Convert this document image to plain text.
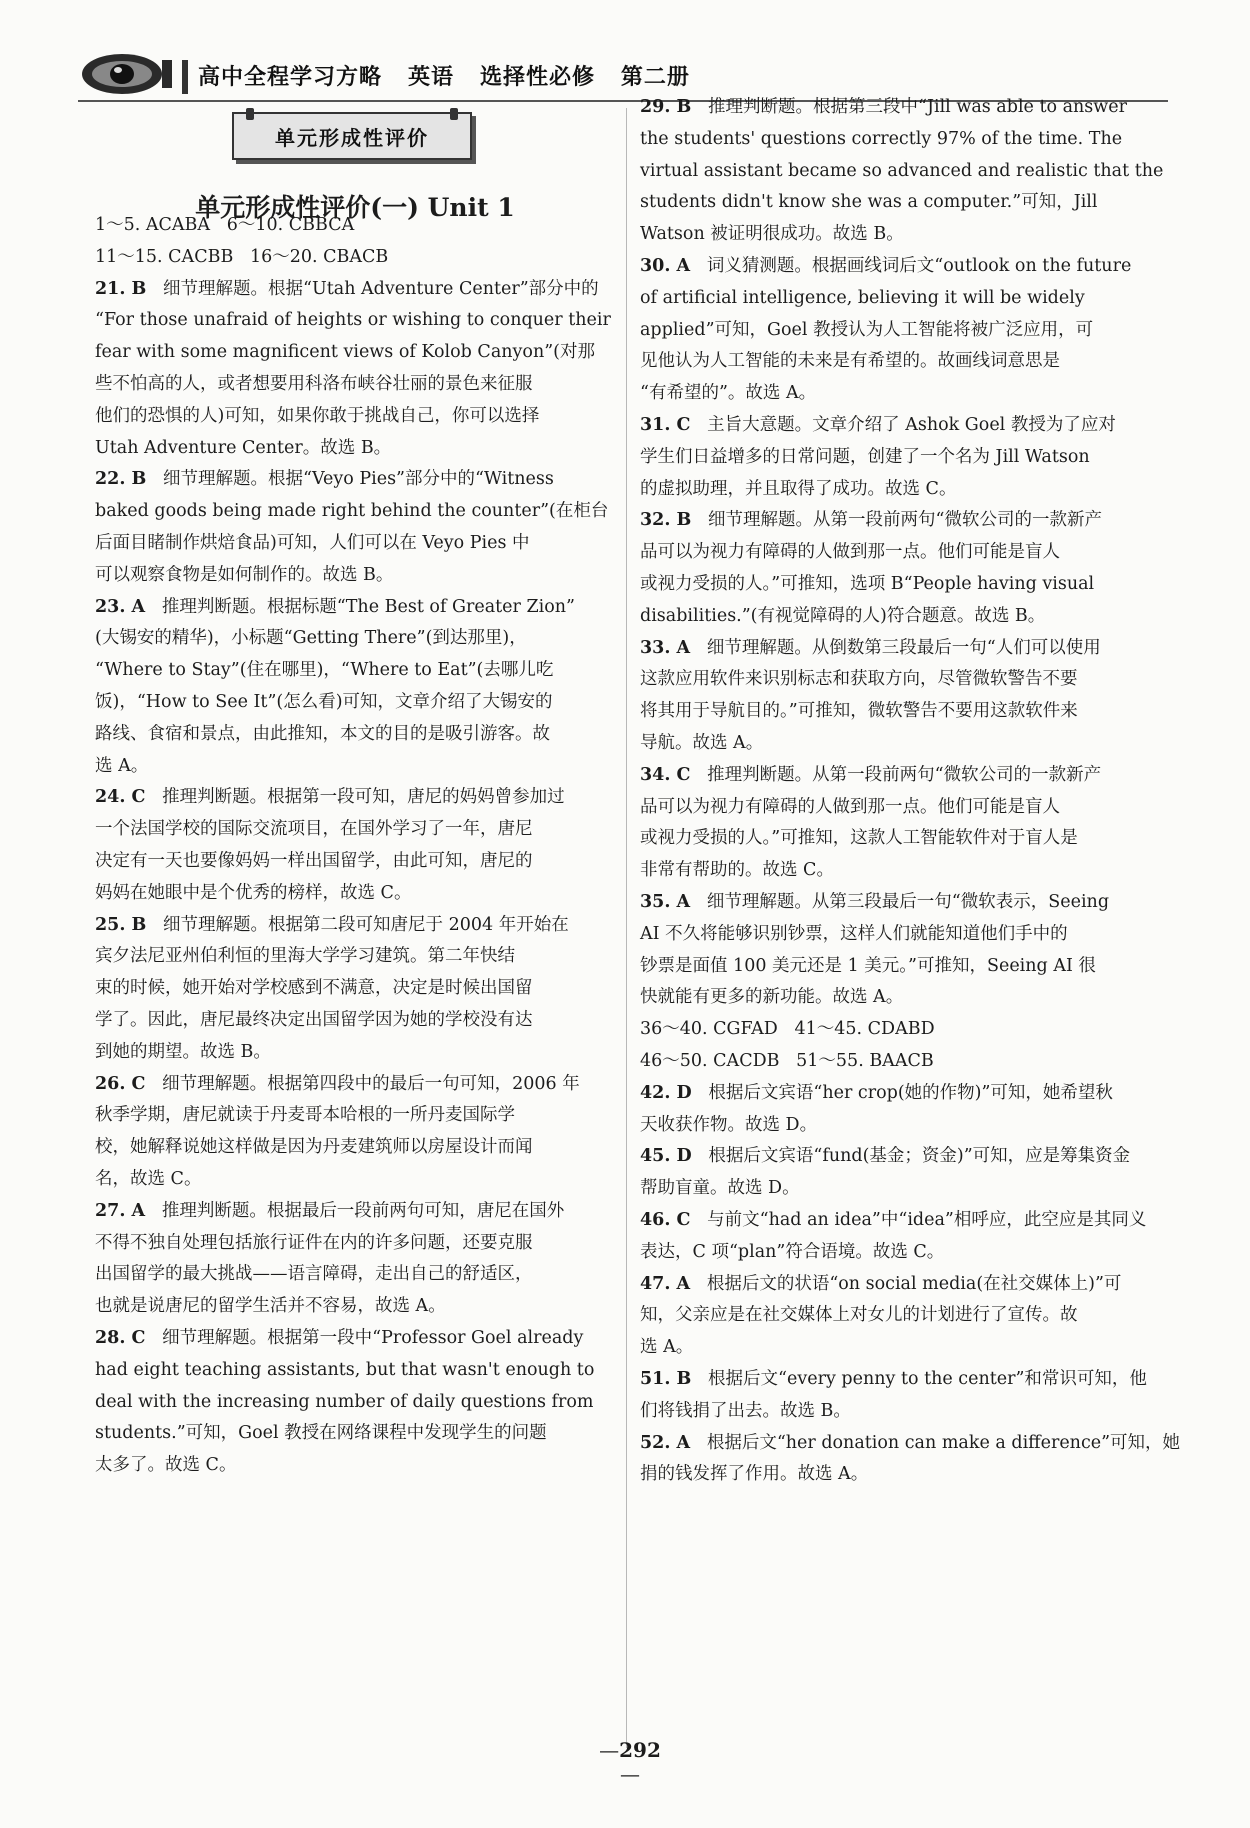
高中全程学习方略   英语   选择性必修   第二册
单元形成性评价
单元形成性评价(一) Unit 1
1～5. ACABA   6～10. CBBCA
11～15. CACBB   16～20. CBACB
21. B   细节理解题。根据“Utah Adventure Center”部分中的
“For those unafraid of heights or wishing to conquer their
fear with some magnificent views of Kolob Canyon”(对那
些不怕高的人，或者想要用科洛布峡谷壮丽的景色来征服
他们的恐惧的人)可知，如果你敢于挑战自己，你可以选择
Utah Adventure Center。故选 B。
22. B   细节理解题。根据“Veyo Pies”部分中的“Witness
baked goods being made right behind the counter”(在柜台
后面目睹制作烘焙食品)可知，人们可以在 Veyo Pies 中
可以观察食物是如何制作的。故选 B。
23. A   推理判断题。根据标题“The Best of Greater Zion”
(大锡安的精华)，小标题“Getting There”(到达那里)，
“Where to Stay”(住在哪里)，“Where to Eat”(去哪儿吃
饭)，“How to See It”(怎么看)可知，文章介绍了大锡安的
路线、食宿和景点，由此推知，本文的目的是吸引游客。故
选 A。
24. C   推理判断题。根据第一段可知，唐尼的妈妈曾参加过
一个法国学校的国际交流项目，在国外学习了一年，唐尼
决定有一天也要像妈妈一样出国留学，由此可知，唐尼的
妈妈在她眼中是个优秀的榜样，故选 C。
25. B   细节理解题。根据第二段可知唐尼于 2004 年开始在
宾夕法尼亚州伯利恒的里海大学学习建筑。第二年快结
束的时候，她开始对学校感到不满意，决定是时候出国留
学了。因此，唐尼最终决定出国留学因为她的学校没有达
到她的期望。故选 B。
26. C   细节理解题。根据第四段中的最后一句可知，2006 年
秋季学期，唐尼就读于丹麦哥本哈根的一所丹麦国际学
校，她解释说她这样做是因为丹麦建筑师以房屋设计而闻
名，故选 C。
27. A   推理判断题。根据最后一段前两句可知，唐尼在国外
不得不独自处理包括旅行证件在内的许多问题，还要克服
出国留学的最大挑战——语言障碍，走出自己的舒适区，
也就是说唐尼的留学生活并不容易，故选 A。
28. C   细节理解题。根据第一段中“Professor Goel already
had eight teaching assistants, but that wasn't enough to
deal with the increasing number of daily questions from
students.”可知，Goel 教授在网络课程中发现学生的问题
太多了。故选 C。
29. B   推理判断题。根据第三段中“Jill was able to answer
the students' questions correctly 97% of the time. The
virtual assistant became so advanced and realistic that the
students didn't know she was a computer.”可知，Jill
Watson 被证明很成功。故选 B。
30. A   词义猜测题。根据画线词后文“outlook on the future
of artificial intelligence, believing it will be widely
applied”可知，Goel 教授认为人工智能将被广泛应用，可
见他认为人工智能的未来是有希望的。故画线词意思是
“有希望的”。故选 A。
31. C   主旨大意题。文章介绍了 Ashok Goel 教授为了应对
学生们日益增多的日常问题，创建了一个名为 Jill Watson
的虚拟助理，并且取得了成功。故选 C。
32. B   细节理解题。从第一段前两句“微软公司的一款新产
品可以为视力有障碍的人做到那一点。他们可能是盲人
或视力受损的人。”可推知，选项 B“People having visual
disabilities.”(有视觉障碍的人)符合题意。故选 B。
33. A   细节理解题。从倒数第三段最后一句“人们可以使用
这款应用软件来识别标志和获取方向，尽管微软警告不要
将其用于导航目的。”可推知，微软警告不要用这款软件来
导航。故选 A。
34. C   推理判断题。从第一段前两句“微软公司的一款新产
品可以为视力有障碍的人做到那一点。他们可能是盲人
或视力受损的人。”可推知，这款人工智能软件对于盲人是
非常有帮助的。故选 C。
35. A   细节理解题。从第三段最后一句“微软表示，Seeing
AI 不久将能够识别钞票，这样人们就能知道他们手中的
钞票是面值 100 美元还是 1 美元。”可推知，Seeing AI 很
快就能有更多的新功能。故选 A。
36～40. CGFAD   41～45. CDABD
46～50. CACDB   51～55. BAACB
42. D   根据后文宾语“her crop(她的作物)”可知，她希望秋
天收获作物。故选 D。
45. D   根据后文宾语“fund(基金；资金)”可知，应是筹集资金
帮助盲童。故选 D。
46. C   与前文“had an idea”中“idea”相呼应，此空应是其同义
表达，C 项“plan”符合语境。故选 C。
47. A   根据后文的状语“on social media(在社交媒体上)”可
知，父亲应是在社交媒体上对女儿的计划进行了宣传。故
选 A。
51. B   根据后文“every penny to the center”和常识可知，他
们将钱捐了出去。故选 B。
52. A   根据后文“her donation can make a difference”可知，她
捐的钱发挥了作用。故选 A。
—292—
